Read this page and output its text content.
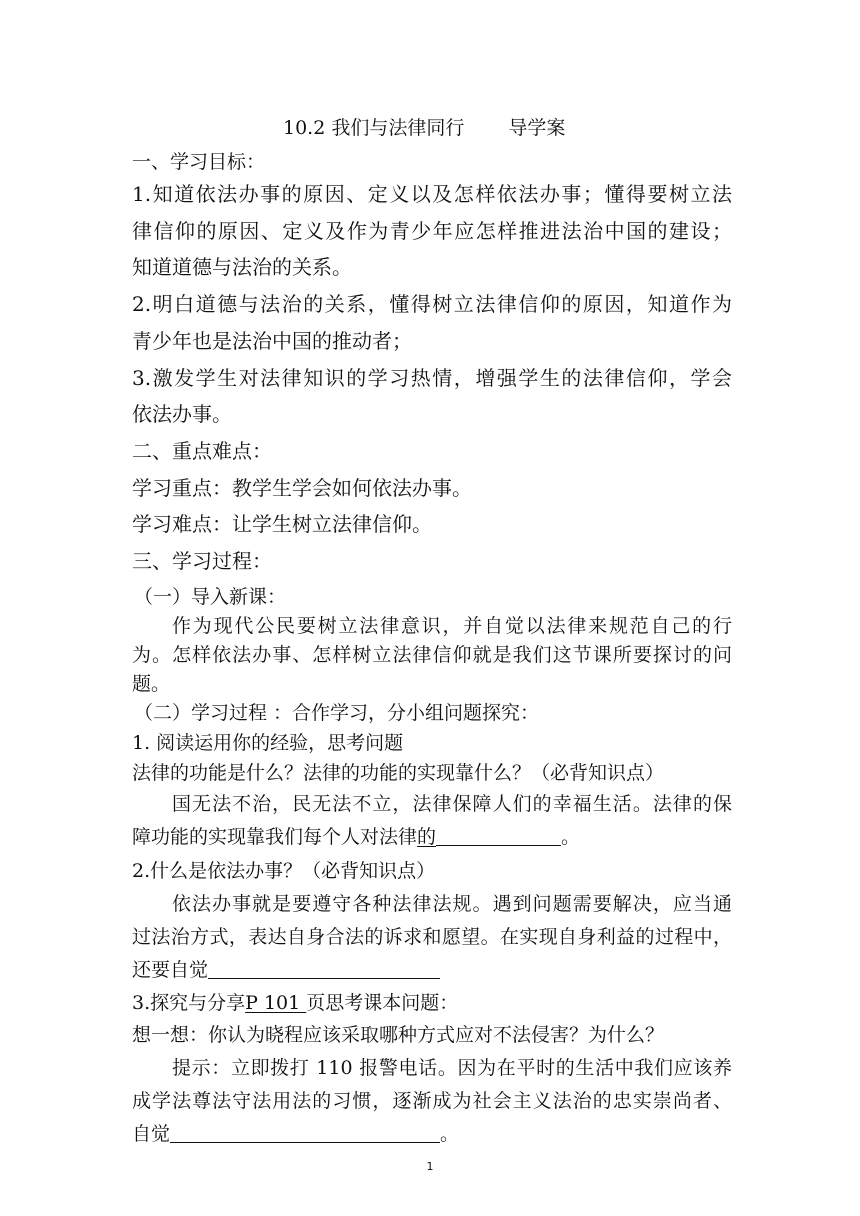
10.2 我们与法律同行 导学案
一、学习目标：
1.知道依法办事的原因、定义以及怎样依法办事；懂得要树立法
律信仰的原因、定义及作为青少年应怎样推进法治中国的建设；
知道道德与法治的关系。
2.明白道德与法治的关系，懂得树立法律信仰的原因，知道作为
青少年也是法治中国的推动者；
3.激发学生对法律知识的学习热情，增强学生的法律信仰，学会
依法办事。
二、重点难点：
学习重点：教学生学会如何依法办事。
学习难点：让学生树立法律信仰。
三、学习过程：
（一）导入新课：
作为现代公民要树立法律意识，并自觉以法律来规范自己的行
为。怎样依法办事、怎样树立法律信仰就是我们这节课所要探讨的问
题。
（二）学习过程 ：合作学习，分小组问题探究：
1. 阅读运用你的经验，思考问题
法律的功能是什么？法律的功能的实现靠什么？（必背知识点）
国无法不治，民无法不立，法律保障人们的幸福生活。法律的保
障功能的实现靠我们每个人对法律的	。
2.什么是依法办事？（必背知识点）
依法办事就是要遵守各种法律法规。遇到问题需要解决，应当通
过法治方式，表达自身合法的诉求和愿望。在实现自身利益的过程中，
还要自觉
3.探究与分享P 101 页思考课本问题：
想一想：你认为晓程应该采取哪种方式应对不法侵害？为什么？
提示：立即拨打 110 报警电话。因为在平时的生活中我们应该养
成学法尊法守法用法的习惯，逐渐成为社会主义法治的忠实崇尚者、
自觉	。
1
